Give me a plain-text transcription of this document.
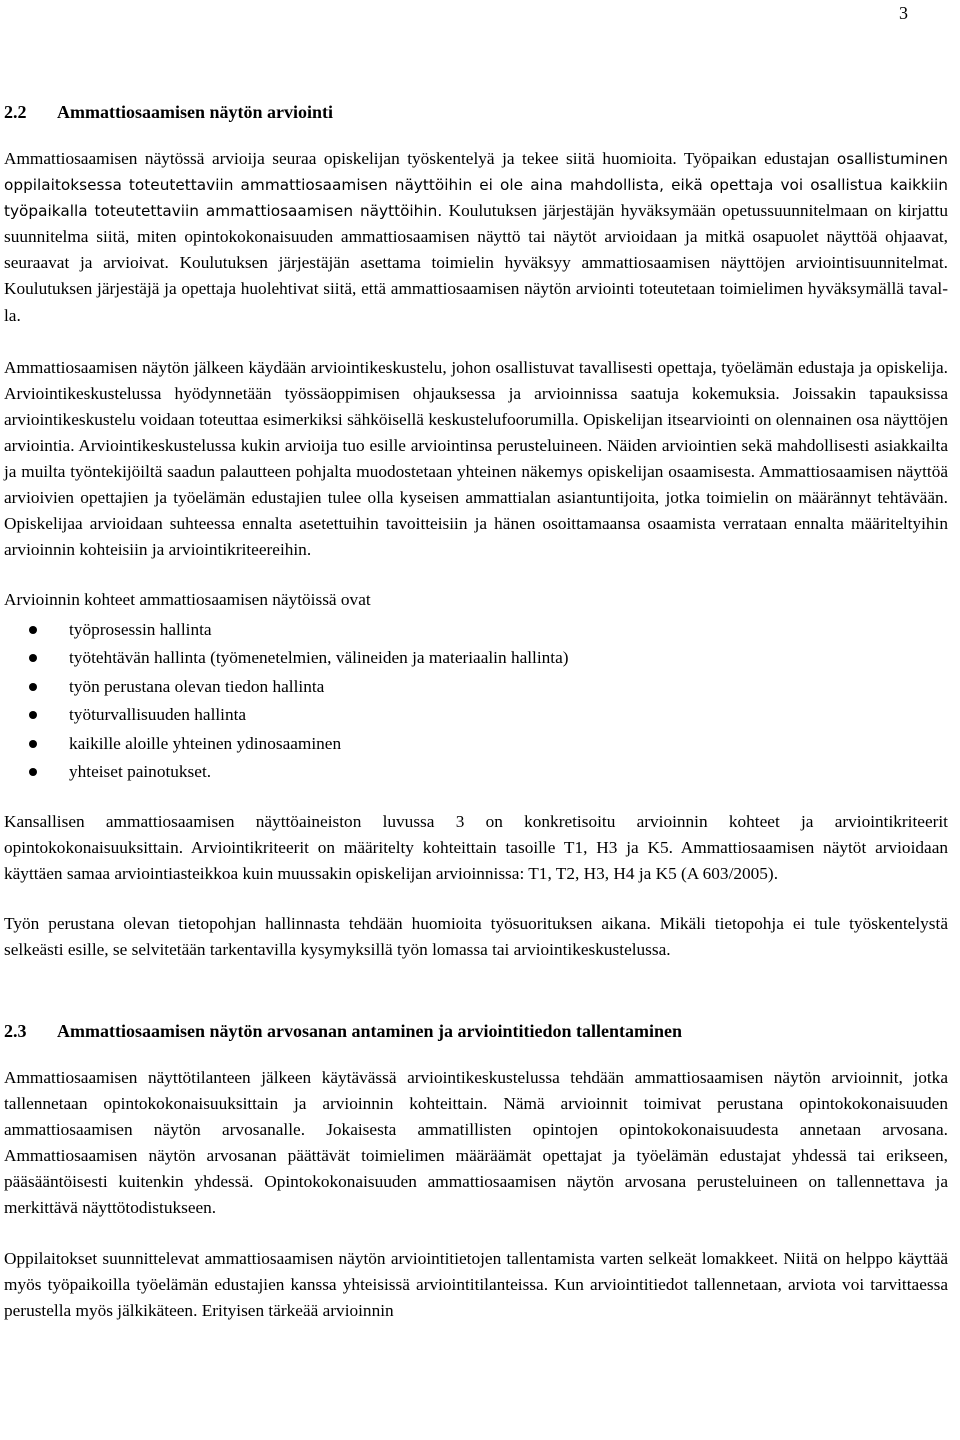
3
2.2	Ammattiosaamisen näytön arviointi

Ammattiosaamisen näytössä arvioija seuraa opiskelijan työskentelyä ja tekee siitä huomioita. Työpaikan edustajan osallistuminen oppilaitoksessa toteutettaviin ammattiosaamisen näyttöihin ei ole aina mahdollista, eikä opettaja voi osallistua kaikkiin työpaikalla toteutettaviin ammattiosaamisen näyttöihin. Koulutuksen järjestäjän hyväksymään opetussuunnitelmaan on kirjattu suunnitelma siitä, miten opintokokonaisuuden ammattiosaamisen näyttö tai näytöt arvioidaan ja mitkä osapuolet näyttöä ohjaavat, seuraavat ja arvioivat. Koulutuksen järjestäjän asettama toimielin hyväksyy ammattiosaamisen näyttöjen arviointisuunnitelmat. Koulutuksen järjestäjä ja opettaja huolehtivat siitä, että ammattiosaamisen näytön arviointi toteutetaan toimielimen hyväksymällä tavalla.

Ammattiosaamisen näytön jälkeen käydään arviointikeskustelu, johon osallistuvat tavallisesti opettaja, työelämän edustaja ja opiskelija. Arviointikeskustelussa hyödynnetään työssäoppimisen ohjauksessa ja arvioinnissa saatuja kokemuksia. Joissakin tapauksissa arviointikeskustelu voidaan toteuttaa esimerkiksi sähköisellä keskustelufoorumilla. Opiskelijan itsearviointi on olennainen osa näyttöjen arviointia. Arviointikeskustelussa kukin arvioija tuo esille arviointinsa perusteluineen. Näiden arviointien sekä mahdollisesti asiakkailta ja muilta työntekijöiltä saadun palautteen pohjalta muodostetaan yhteinen näkemys opiskelijan osaamisesta. Ammattiosaamisen näyttöä arvioivien opettajien ja työelämän edustajien tulee olla kyseisen ammattialan asiantuntijoita, jotka toimielin on määrännyt tehtävään. Opiskelijaa arvioidaan suhteessa ennalta asetettuihin tavoitteisiin ja hänen osoittamaansa osaamista verrataan ennalta määriteltyihin arvioinnin kohteisiin ja arviointikriteereihin.

Arvioinnin kohteet ammattiosaamisen näytöissä ovat

työprosessin hallinta
työtehtävän hallinta (työmenetelmien, välineiden ja materiaalin hallinta)
työn perustana olevan tiedon hallinta
työturvallisuuden hallinta
kaikille aloille yhteinen ydinosaaminen
yhteiset painotukset.

Kansallisen ammattiosaamisen näyttöaineiston luvussa 3 on konkretisoitu arvioinnin kohteet ja arviointikriteerit opintokokonaisuuksittain. Arviointikriteerit on määritelty kohteittain tasoille T1, H3 ja K5. Ammattiosaamisen näytöt arvioidaan käyttäen samaa arviointiasteikkoa kuin muussakin opiskelijan arvioinnissa: T1, T2, H3, H4 ja K5 (A 603/2005).

Työn perustana olevan tietopohjan hallinnasta tehdään huomioita työsuorituksen aikana. Mikäli tietopohja ei tule työskentelystä selkeästi esille, se selvitetään tarkentavilla kysymyksillä työn lomassa tai arviointikeskustelussa.

2.3	Ammattiosaamisen näytön arvosanan antaminen ja arviointitiedon tallentaminen

Ammattiosaamisen näyttötilanteen jälkeen käytävässä arviointikeskustelussa tehdään ammattiosaamisen näytön arvioinnit, jotka tallennetaan opintokokonaisuuksittain ja arvioinnin kohteittain. Nämä arvioinnit toimivat perustana opintokokonaisuuden ammattiosaamisen näytön arvosanalle. Jokaisesta ammatillisten opintojen opintokokonaisuudesta annetaan arvosana. Ammattiosaamisen näytön arvosanan päättävät toimielimen määräämät opettajat ja työelämän edustajat yhdessä tai erikseen, pääsääntöisesti kuitenkin yhdessä. Opintokokonaisuuden ammattiosaamisen näytön arvosana perusteluineen on tallennettava ja merkittävä näyttötodistukseen.

Oppilaitokset suunnittelevat ammattiosaamisen näytön arviointitietojen tallentamista varten selkeät lomakkeet. Niitä on helppo käyttää myös työpaikoilla työelämän edustajien kanssa yhteisissä arviointitilanteissa. Kun arviointitiedot tallennetaan, arviota voi tarvittaessa perustella myös jälkikäteen. Erityisen tärkeää arvioinnin
